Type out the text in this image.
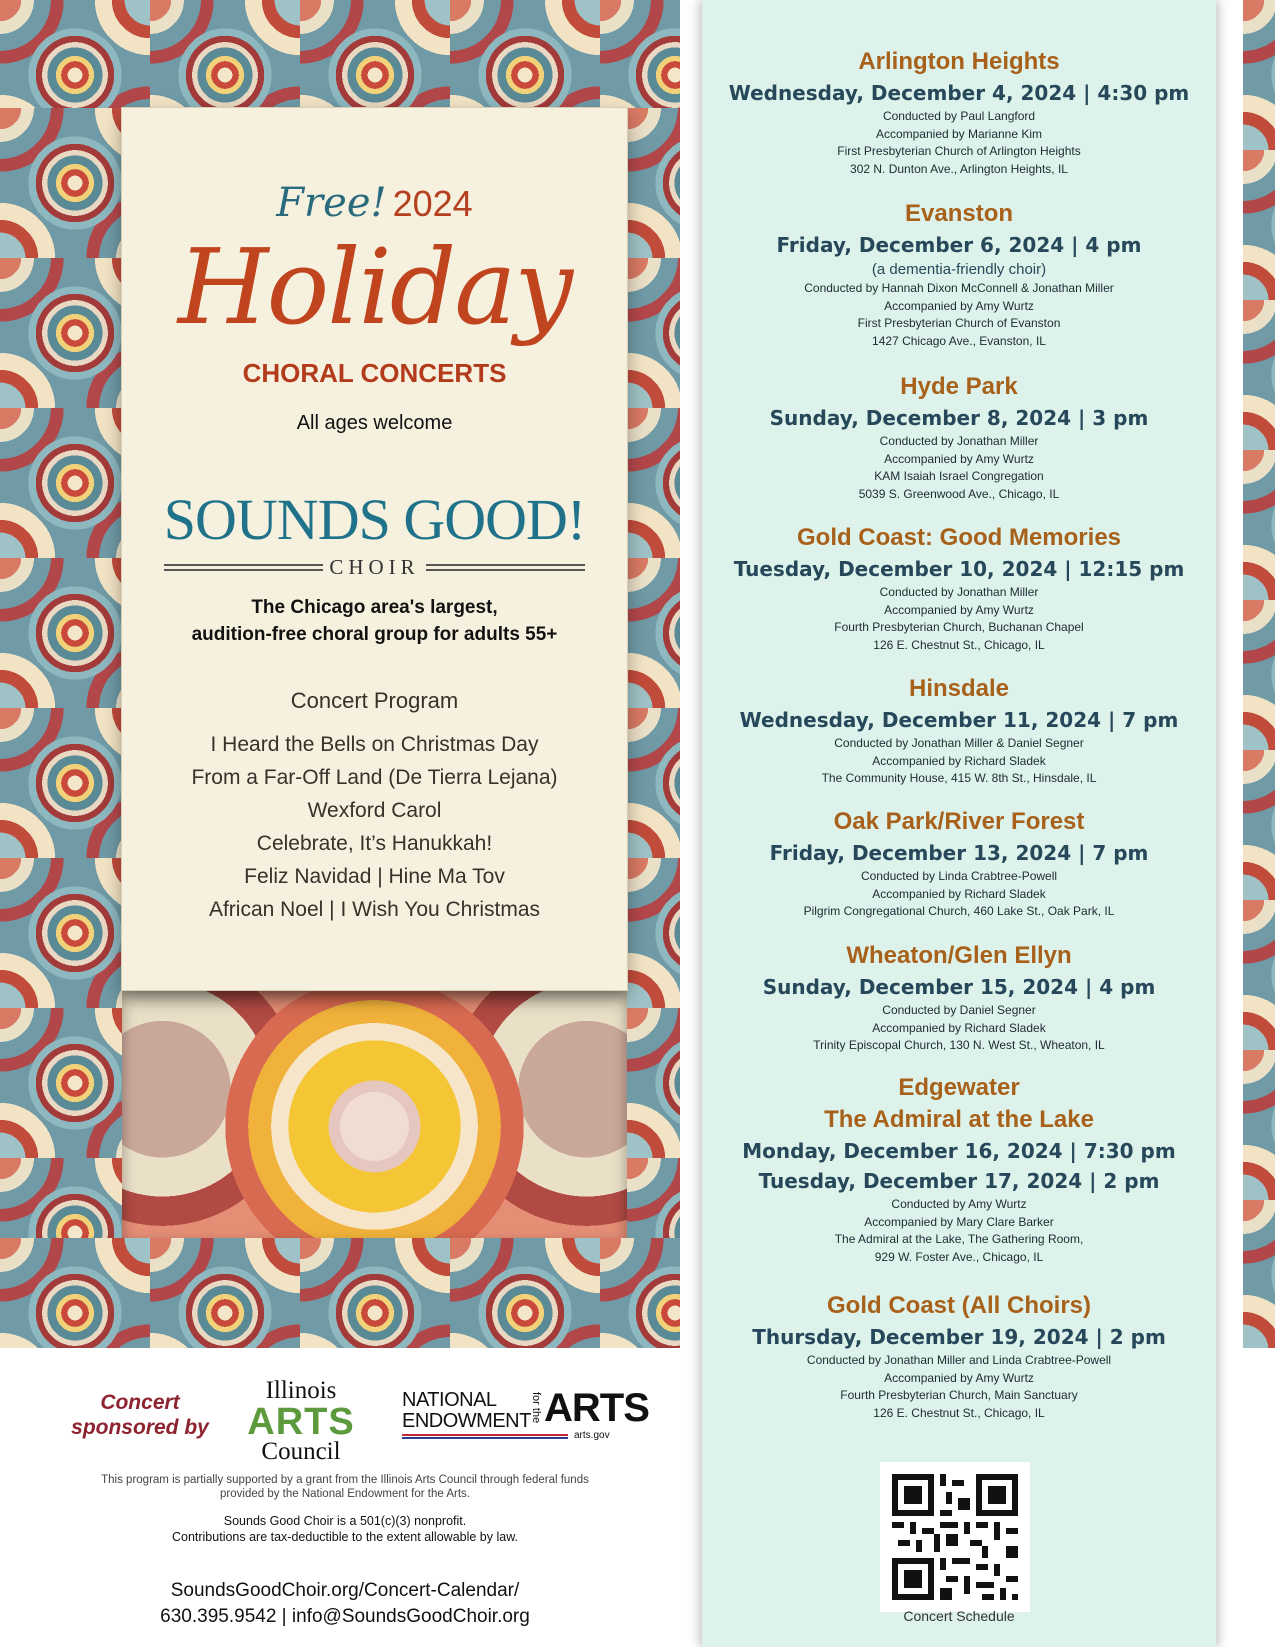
Free! 2024
Holiday
CHORAL CONCERTS
All ages welcome
SOUNDS GOOD!
CHOIR
The Chicago area's largest,
audition-free choral group for adults 55+
Concert Program
I Heard the Bells on Christmas Day
From a Far-Off Land (De Tierra Lejana)
Wexford Carol
Celebrate, It’s Hanukkah!
Feliz Navidad | Hine Ma Tov
African Noel | I Wish You Christmas
Concert
sponsored by
Illinois
ARTS
Council
NATIONAL
ENDOWMENT for the ARTS
arts.gov
This program is partially supported by a grant from the Illinois Arts Council through federal funds
provided by the National Endowment for the Arts.
Sounds Good Choir is a 501(c)(3) nonprofit.
Contributions are tax-deductible to the extent allowable by law.
SoundsGoodChoir.org/Concert-Calendar/
630.395.9542 | info@SoundsGoodChoir.org
Arlington Heights
Wednesday, December 4, 2024 | 4:30 pm
Conducted by Paul Langford
Accompanied by Marianne Kim
First Presbyterian Church of Arlington Heights
302 N. Dunton Ave., Arlington Heights, IL
Evanston
Friday, December 6, 2024 | 4 pm
(a dementia-friendly choir)
Conducted by Hannah Dixon McConnell & Jonathan Miller
Accompanied by Amy Wurtz
First Presbyterian Church of Evanston
1427 Chicago Ave., Evanston, IL
Hyde Park
Sunday, December 8, 2024 | 3 pm
Conducted by Jonathan Miller
Accompanied by Amy Wurtz
KAM Isaiah Israel Congregation
5039 S. Greenwood Ave., Chicago, IL
Gold Coast: Good Memories
Tuesday, December 10, 2024 | 12:15 pm
Conducted by Jonathan Miller
Accompanied by Amy Wurtz
Fourth Presbyterian Church, Buchanan Chapel
126 E. Chestnut St., Chicago, IL
Hinsdale
Wednesday, December 11, 2024 | 7 pm
Conducted by Jonathan Miller & Daniel Segner
Accompanied by Richard Sladek
The Community House, 415 W. 8th St., Hinsdale, IL
Oak Park/River Forest
Friday, December 13, 2024 | 7 pm
Conducted by Linda Crabtree-Powell
Accompanied by Richard Sladek
Pilgrim Congregational Church, 460 Lake St., Oak Park, IL
Wheaton/Glen Ellyn
Sunday, December 15, 2024 | 4 pm
Conducted by Daniel Segner
Accompanied by Richard Sladek
Trinity Episcopal Church, 130 N. West St., Wheaton, IL
Edgewater
The Admiral at the Lake
Monday, December 16, 2024 | 7:30 pm
Tuesday, December 17, 2024 | 2 pm
Conducted by Amy Wurtz
Accompanied by Mary Clare Barker
The Admiral at the Lake, The Gathering Room,
929 W. Foster Ave., Chicago, IL
Gold Coast (All Choirs)
Thursday, December 19, 2024 | 2 pm
Conducted by Jonathan Miller and Linda Crabtree-Powell
Accompanied by Amy Wurtz
Fourth Presbyterian Church, Main Sanctuary
126 E. Chestnut St., Chicago, IL
Concert Schedule
